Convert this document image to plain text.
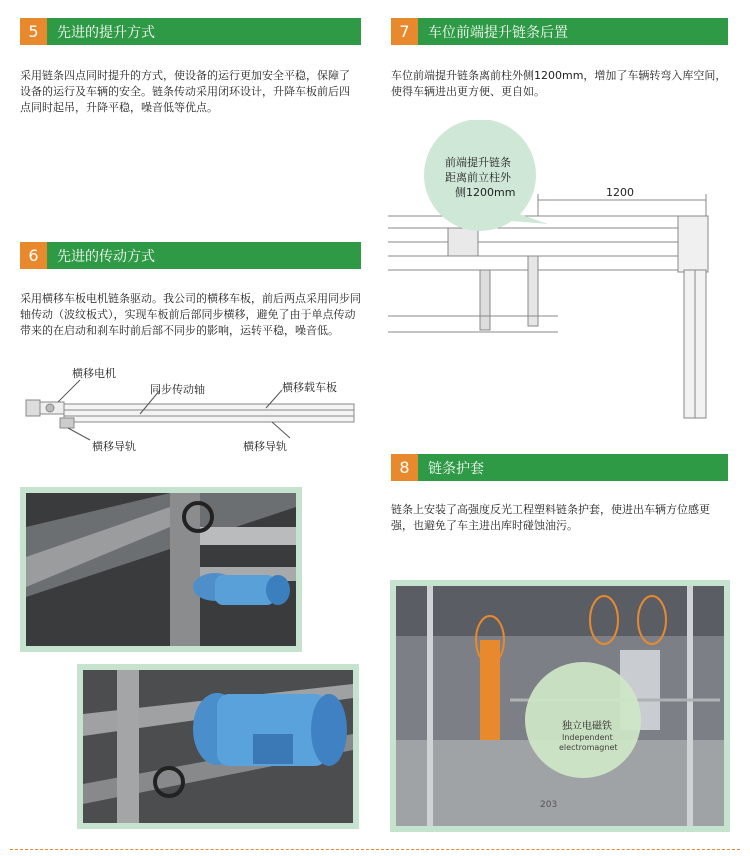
5	先进的提升方式
采用链条四点同时提升的方式，使设备的运行更加安全平稳，保障了设备的运行及车辆的安全。链条传动采用闭环设计，升降车板前后四点同时起吊，升降平稳，噪音低等优点。
6	先进的传动方式
采用横移车板电机链条驱动。我公司的横移车板，前后两点采用同步同轴传动（波纹板式），实现车板前后部同步横移，避免了由于单点传动带来的在启动和刹车时前后部不同步的影响，运转平稳，噪音低。
横移电机
同步传动轴	横移载车板
横移导轨	横移导轨
7	车位前端提升链条后置
车位前端提升链条离前柱外侧1200mm，增加了车辆转弯入库空间，使得车辆进出更方便、更自如。
前端提升链条
距离前立柱外
侧1200mm	1200
8	链条护套
链条上安装了高强度反光工程塑料链条护套，使进出车辆方位感更强，也避免了车主进出库时碰蚀油污。
独立电磁铁
Independent
electromagnet
203
